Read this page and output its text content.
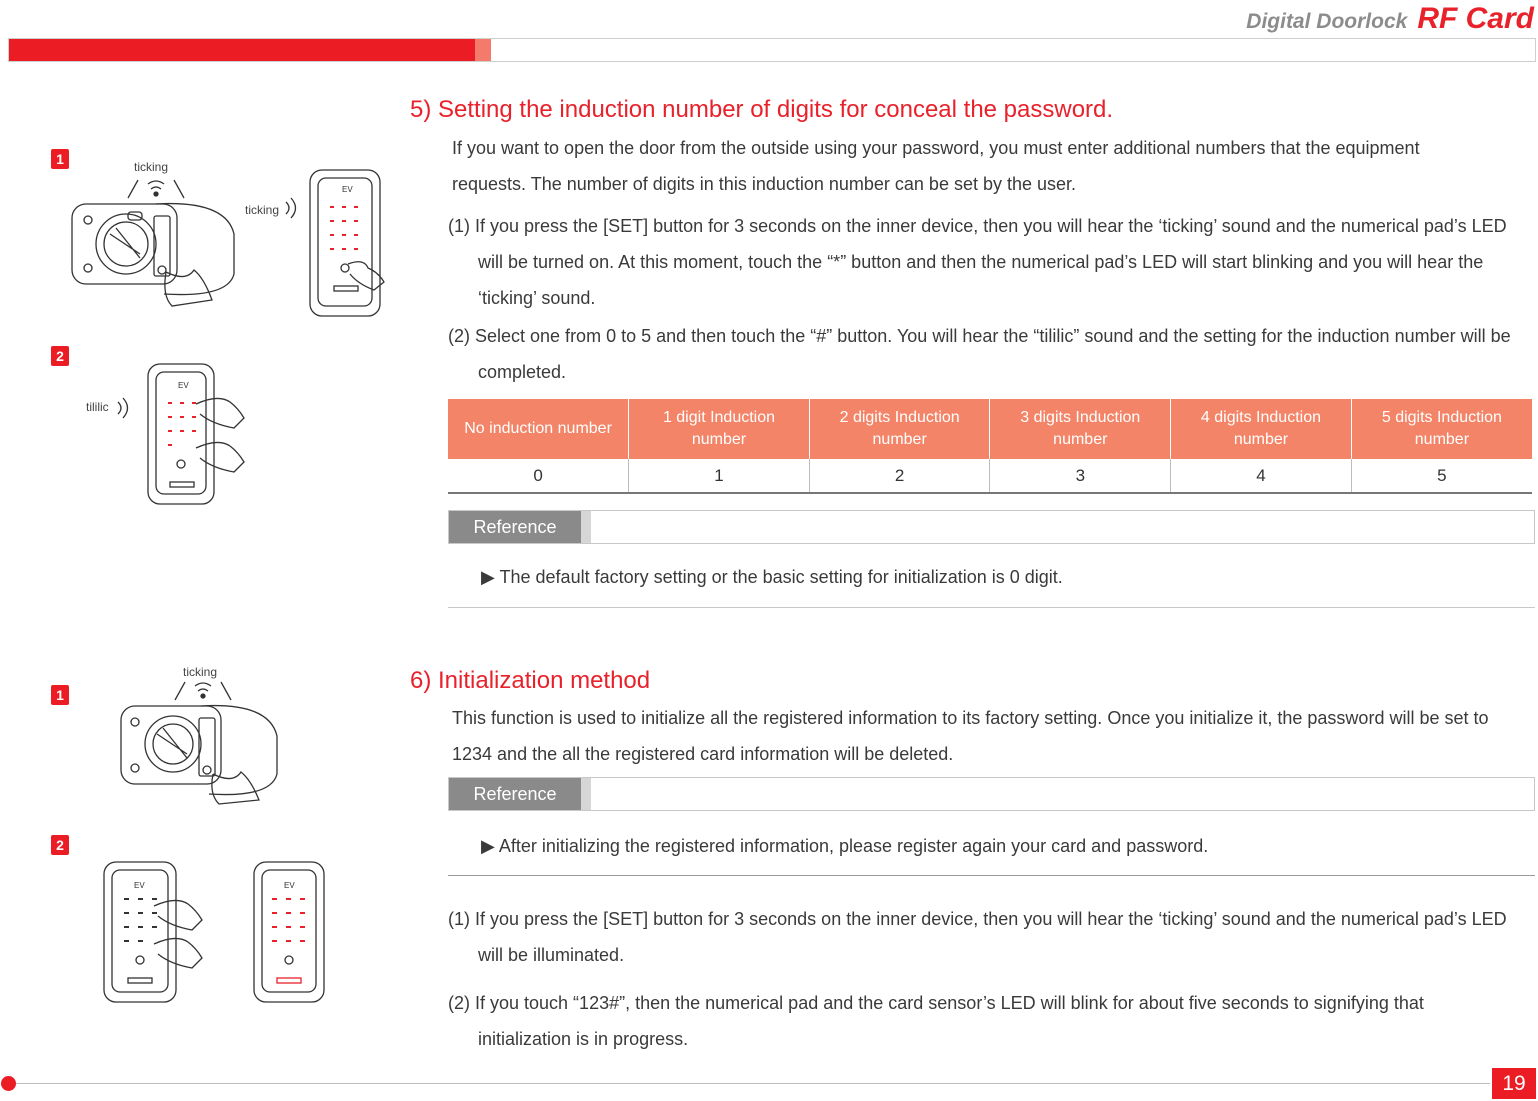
Digital Doorlock RF Card
1
2
ticking
ticking
EV
tililic
EV
1
2
ticking
EV	EV
5) Setting the induction number of digits for conceal the password.
If you want to open the door from the outside using your password, you must enter additional numbers that the equipment requests. The number of digits in this induction number can be set by the user.
(1) If you press the [SET] button for 3 seconds on the inner device, then you will hear the ‘ticking’ sound and the numerical pad’s LED will be turned on. At this moment, touch the “*” button and then the numerical pad’s LED will start blinking and you will hear the ‘ticking’ sound.
(2) Select one from 0 to 5 and then touch the “#” button. You will hear the “tililic” sound and the setting for the induction number will be completed.
No induction number	1 digit Induction number	2 digits Induction number	3 digits Induction number	4 digits Induction number	5 digits Induction number
0	1	2	3	4	5
Reference
▶ The default factory setting or the basic setting for initialization is 0 digit.
6) Initialization method
This function is used to initialize all the registered information to its factory setting. Once you initialize it, the password will be set to 1234 and the all the registered card information will be deleted.
Reference
▶ After initializing the registered information, please register again your card and password.
(1) If you press the [SET] button for 3 seconds on the inner device, then you will hear the ‘ticking’ sound and the numerical pad’s LED will be illuminated.
(2) If you touch “123#”, then the numerical pad and the card sensor’s LED will blink for about five seconds to signifying that initialization is in progress.
19
